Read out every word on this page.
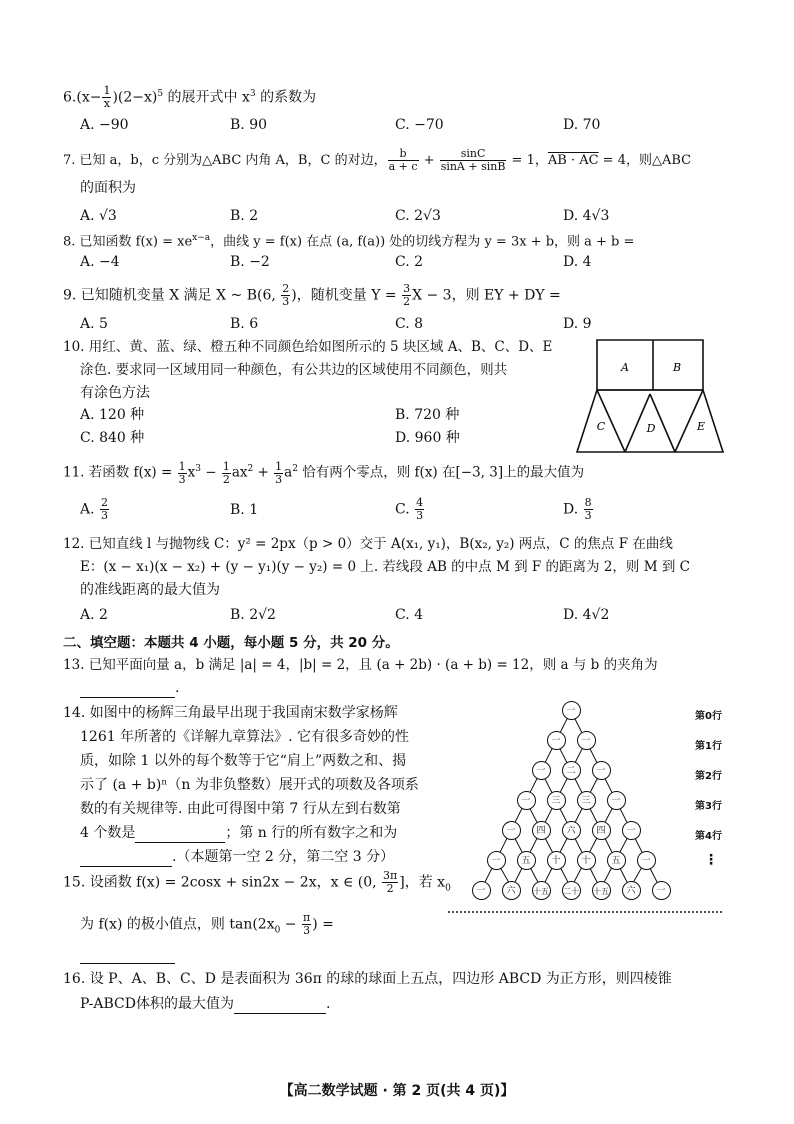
$6.(x- \frac{1}{x} )(2-x)^5$ 的展开式中 $x^3$ 的系数为
A. −90	B. 90	C. −70	D. 70
7. 已知 a，b，c 分别为△ABC 内角 A，B，C 的对边， $\frac{b}{a + c} + \frac{\sin C}{\sin A + \sin B} = 1$，AB · AC = 4，则△ABC
的面积为
A. √3	B. 2	C. 2√3	D. 4√3
8. 已知函数 $f(x) = xe^{x-a}$，曲线 y = f(x) 在点 (a, f(a)) 处的切线方程为 y = 3x + b，则 a + b =
A. −4	B. −2	C. 2	D. 4
9. 已知随机变量 X 满足 X ~ B(6, $\frac{2}{3}$ )，随机变量 $Y = \frac{3}{2}$ X − 3，则 EY + DY =
A. 5	B. 6	C. 8	D. 9
10. 用红、黄、蓝、绿、橙五种不同颜色给如图所示的 5 块区域 A、B、C、D、E
涂色. 要求同一区域用同一种颜色，有公共边的区域使用不同颜色，则共
有涂色方法
A. 120 种	B. 720 种
C. 840 种	D. 960 种
A	B
C	D	E
11. 若函数 $f(x) = \frac{1}{3} x^3 - \frac{1}{2} ax^2 + \frac{1}{3} a^2$ 恰有两个零点，则 f(x) 在[−3, 3]上的最大值为
A. $\frac{2}{3}$	B. 1	C. $\frac{4}{3}$	D. $\frac{8}{3}$
12. 已知直线 l 与抛物线 C：y² = 2px（p > 0）交于 A(x₁, y₁)，B(x₂, y₂) 两点，C 的焦点 F 在曲线
E：(x − x₁)(x − x₂) + (y − y₁)(y − y₂) = 0 上. 若线段 AB 的中点 M 到 F 的距离为 2，则 M 到 C
的准线距离的最大值为
A. 2	B. 2√2	C. 4	D. 4√2
二、填空题：本题共 4 小题，每小题 5 分，共 20 分。
13. 已知平面向量 a，b 满足 |a| = 4，|b| = 2，且 (a + 2b) · (a + b) = 12，则 a 与 b 的夹角为
.
14. 如图中的杨辉三角最早出现于我国南宋数学家杨辉
1261 年所著的《详解九章算法》. 它有很多奇妙的性
质，如除 1 以外的每个数等于它“肩上”两数之和、揭
示了 (a + b)ⁿ（n 为非负整数）展开式的项数及各项系
数的有关规律等. 由此可得图中第 7 行从左到右数第
4 个数是	；第 n 行的所有数字之和为
.（本题第一空 2 分，第二空 3 分）
一
一	一
一	二	一
一	三	三	一
一	四	六	四	一
一	五	十	十	五	一
一	六	十五 二十 十五	六	一
第0行
第1行
第2行
第3行
第4行
⋮
15. 设函数 f(x) = 2cosx + sin2x − 2x，x ∈ (0, $\frac{3\pi}{2}$ ]，若 $x_0$
为 f(x) 的极小值点，则 $\tan(2x_0 - \frac{\pi}{3}$ ) =
16. 设 P、A、B、C、D 是表面积为 36π 的球的球面上五点，四边形 ABCD 为正方形，则四棱锥
P-ABCD体积的最大值为	.
【高二数学试题 · 第 2 页(共 4 页)】
